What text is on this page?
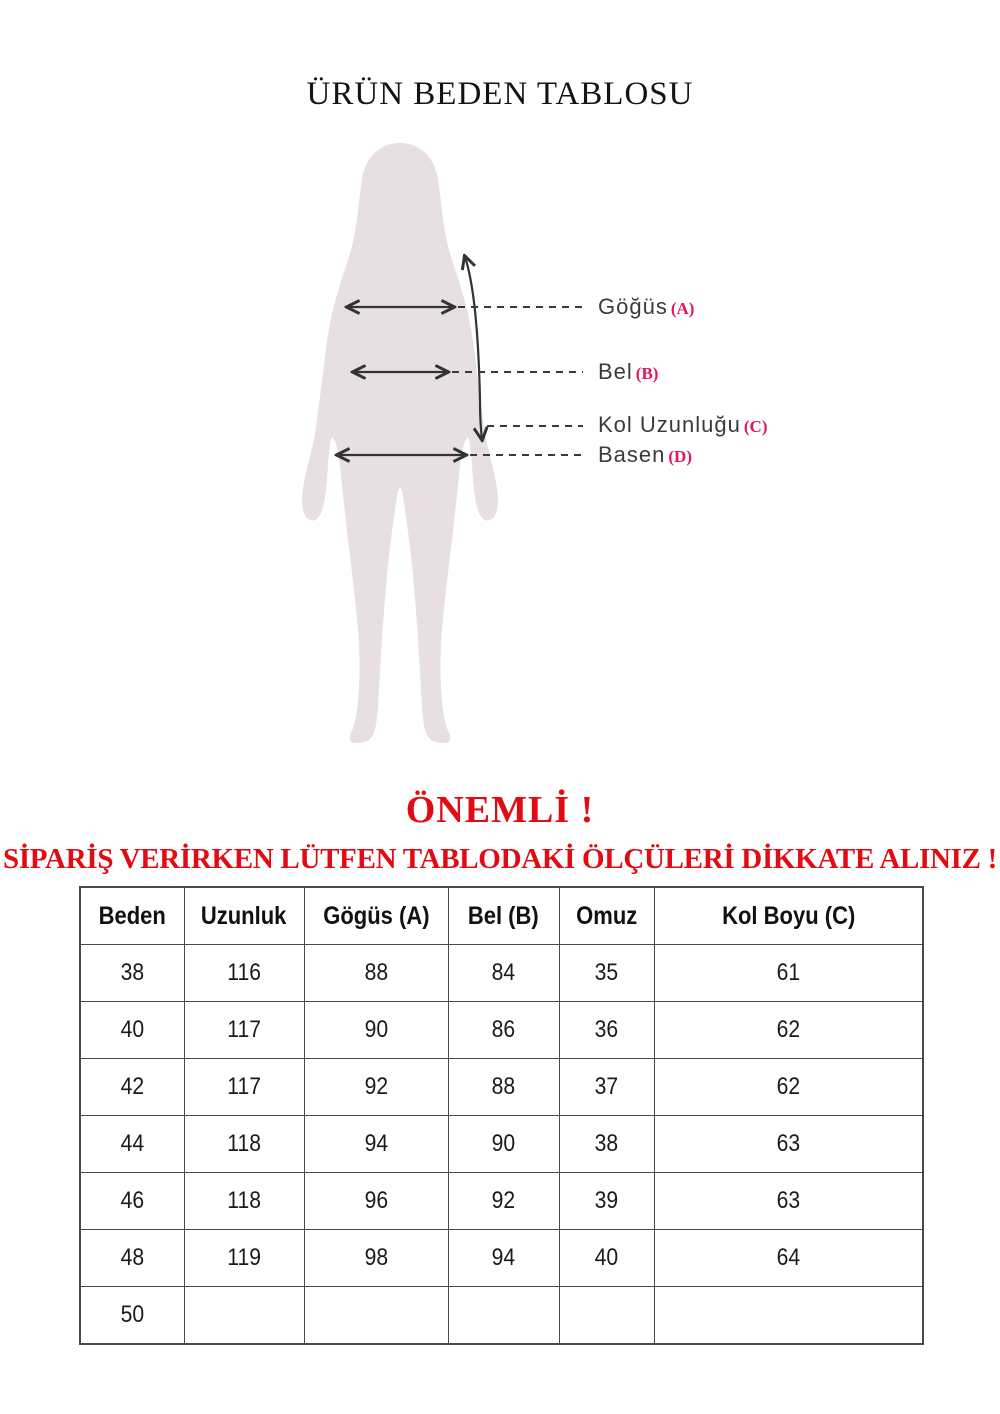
ÜRÜN BEDEN TABLOSU
Göğüs (A)
Bel (B)
Kol Uzunluğu (C)
Basen (D)
ÖNEMLİ !
SİPARİŞ VERİRKEN LÜTFEN TABLODAKİ ÖLÇÜLERİ DİKKATE ALINIZ !
Beden	Uzunluk	Gögüs (A)	Bel (B)	Omuz	Kol Boyu (C)
38	116	88	84	35	61
40	117	90	86	36	62
42	117	92	88	37	62
44	118	94	90	38	63
46	118	96	92	39	63
48	119	98	94	40	64
50					
